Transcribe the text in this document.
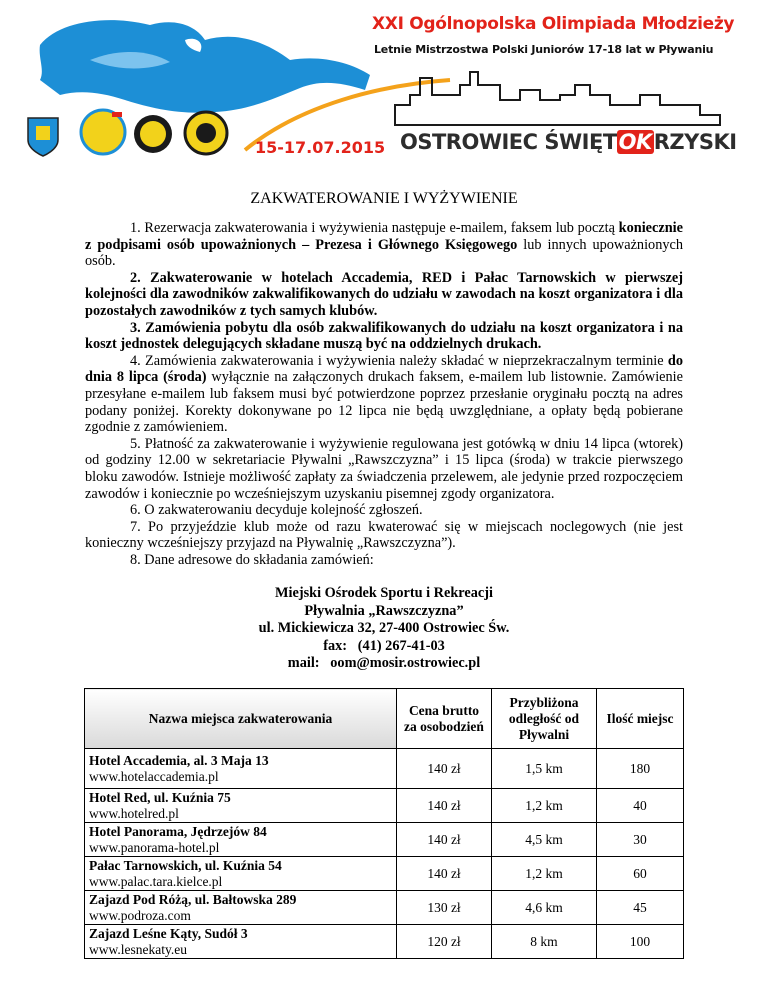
XXI Ogólnopolska Olimpiada Młodzieży
Letnie Mistrzostwa Polski Juniorów 17-18 lat w Pływaniu
15-17.07.2015 OSTROWIEC ŚWIĘTOKRZYSKI
ZAKWATEROWANIE I WYŻYWIENIE

1. Rezerwacja zakwaterowania i wyżywienia następuje e-mailem, faksem lub pocztą koniecznie z podpisami osób upoważnionych – Prezesa i Głównego Księgowego lub innych upoważnionych osób.

2. Zakwaterowanie w hotelach Accademia, RED i Pałac Tarnowskich w pierwszej kolejności dla zawodników zakwalifikowanych do udziału w zawodach na koszt organizatora i dla pozostałych zawodników z tych samych klubów.

3. Zamówienia pobytu dla osób zakwalifikowanych do udziału na koszt organizatora i na koszt jednostek delegujących składane muszą być na oddzielnych drukach.

4. Zamówienia zakwaterowania i wyżywienia należy składać w nieprzekraczalnym terminie do dnia 8 lipca (środa) wyłącznie na załączonych drukach faksem, e-mailem lub listownie. Zamówienie przesyłane e-mailem lub faksem musi być potwierdzone poprzez przesłanie oryginału pocztą na adres podany poniżej. Korekty dokonywane po 12 lipca nie będą uwzględniane, a opłaty będą pobierane zgodnie z zamówieniem.

5. Płatność za zakwaterowanie i wyżywienie regulowana jest gotówką w dniu 14 lipca (wtorek) od godziny 12.00 w sekretariacie Pływalni „Rawszczyzna” i 15 lipca (środa) w trakcie pierwszego bloku zawodów. Istnieje możliwość zapłaty za świadczenia przelewem, ale jedynie przed rozpoczęciem zawodów i koniecznie po wcześniejszym uzyskaniu pisemnej zgody organizatora.

6. O zakwaterowaniu decyduje kolejność zgłoszeń.

7. Po przyjeździe klub może od razu kwaterować się w miejscach noclegowych (nie jest konieczny wcześniejszy przyjazd na Pływalnię „Rawszczyzna”).

8. Dane adresowe do składania zamówień:

Miejski Ośrodek Sportu i Rekreacji
Pływalnia „Rawszczyzna”
ul. Mickiewicza 32, 27-400 Ostrowiec Św.
fax:   (41) 267-41-03
mail:   oom@mosir.ostrowiec.pl
Nazwa miejsca zakwaterowania	Cena brutto za osobodzień	Przybliżona odległość od Pływalni	Ilość miejsc

Hotel Accademia, al. 3 Maja 13
www.hotelaccademia.pl	140 zł	1,5 km	180

Hotel Red, ul. Kuźnia 75
www.hotelred.pl	140 zł	1,2 km	40

Hotel Panorama, Jędrzejów 84
www.panorama-hotel.pl	140 zł	4,5 km	30

Pałac Tarnowskich, ul. Kuźnia 54
www.palac.tara.kielce.pl	140 zł	1,2 km	60

Zajazd Pod Różą, ul. Bałtowska 289
www.podroza.com	130 zł	4,6 km	45

Zajazd Leśne Kąty, Sudół 3
www.lesnekaty.eu	120 zł	8 km	100
